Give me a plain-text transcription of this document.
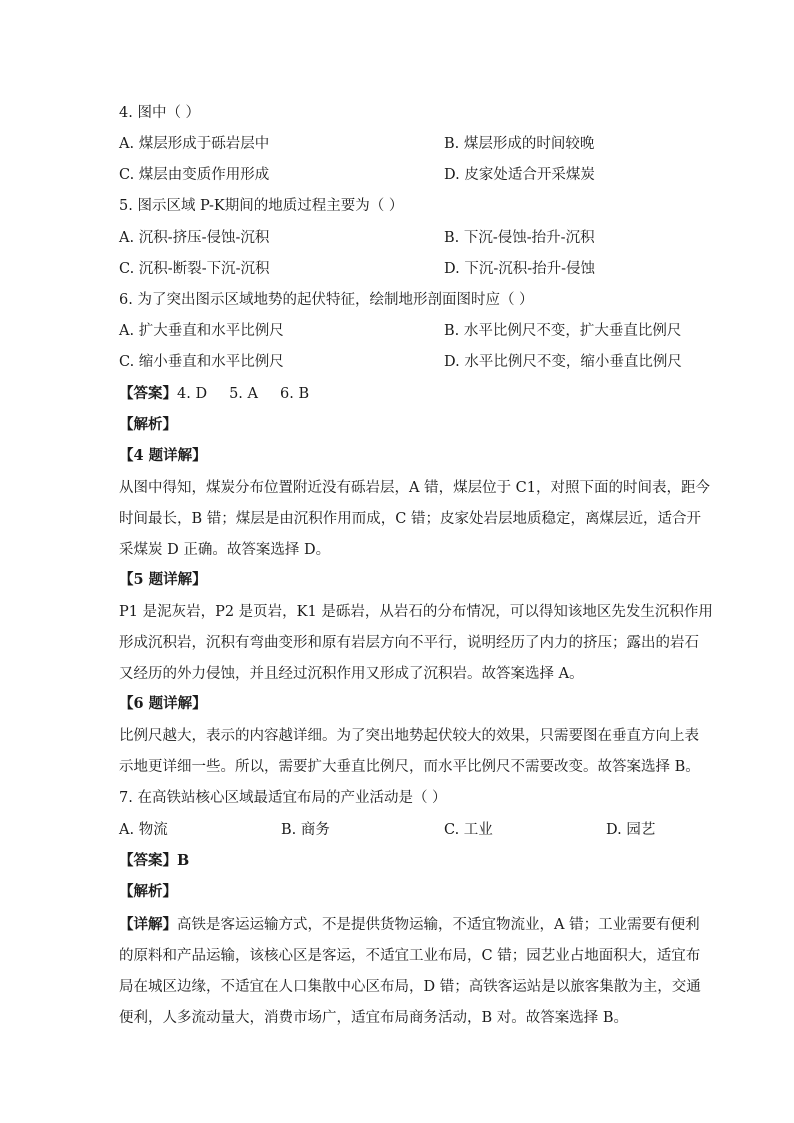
4. 图中（ ）
A. 煤层形成于砾岩层中	B. 煤层形成的时间较晚
C. 煤层由变质作用形成	D. 皮家处适合开采煤炭
5. 图示区域 P-K期间的地质过程主要为（ ）
A. 沉积-挤压-侵蚀-沉积	B. 下沉-侵蚀-抬升-沉积
C. 沉积-断裂-下沉-沉积	D. 下沉-沉积-抬升-侵蚀
6. 为了突出图示区域地势的起伏特征，绘制地形剖面图时应（ ）
A. 扩大垂直和水平比例尺	B. 水平比例尺不变，扩大垂直比例尺
C. 缩小垂直和水平比例尺	D. 水平比例尺不变，缩小垂直比例尺
【答案】4. D 5. A 6. B
【解析】
【4 题详解】
从图中得知，煤炭分布位置附近没有砾岩层，A 错，煤层位于 C1，对照下面的时间表，距今
时间最长，B 错；煤层是由沉积作用而成，C 错；皮家处岩层地质稳定，离煤层近，适合开
采煤炭 D 正确。故答案选择 D。
【5 题详解】
P1 是泥灰岩，P2 是页岩，K1 是砾岩，从岩石的分布情况，可以得知该地区先发生沉积作用
形成沉积岩，沉积有弯曲变形和原有岩层方向不平行，说明经历了内力的挤压；露出的岩石
又经历的外力侵蚀，并且经过沉积作用又形成了沉积岩。故答案选择 A。
【6 题详解】
比例尺越大，表示的内容越详细。为了突出地势起伏较大的效果，只需要图在垂直方向上表
示地更详细一些。所以，需要扩大垂直比例尺，而水平比例尺不需要改变。故答案选择 B。
7. 在高铁站核心区域最适宜布局的产业活动是（ ）
A. 物流	B. 商务	C. 工业	D. 园艺
【答案】B
【解析】
【详解】高铁是客运运输方式，不是提供货物运输，不适宜物流业，A 错；工业需要有便利
的原料和产品运输，该核心区是客运，不适宜工业布局，C 错；园艺业占地面积大，适宜布
局在城区边缘，不适宜在人口集散中心区布局，D 错；高铁客运站是以旅客集散为主，交通
便利，人多流动量大，消费市场广，适宜布局商务活动，B 对。故答案选择 B。
